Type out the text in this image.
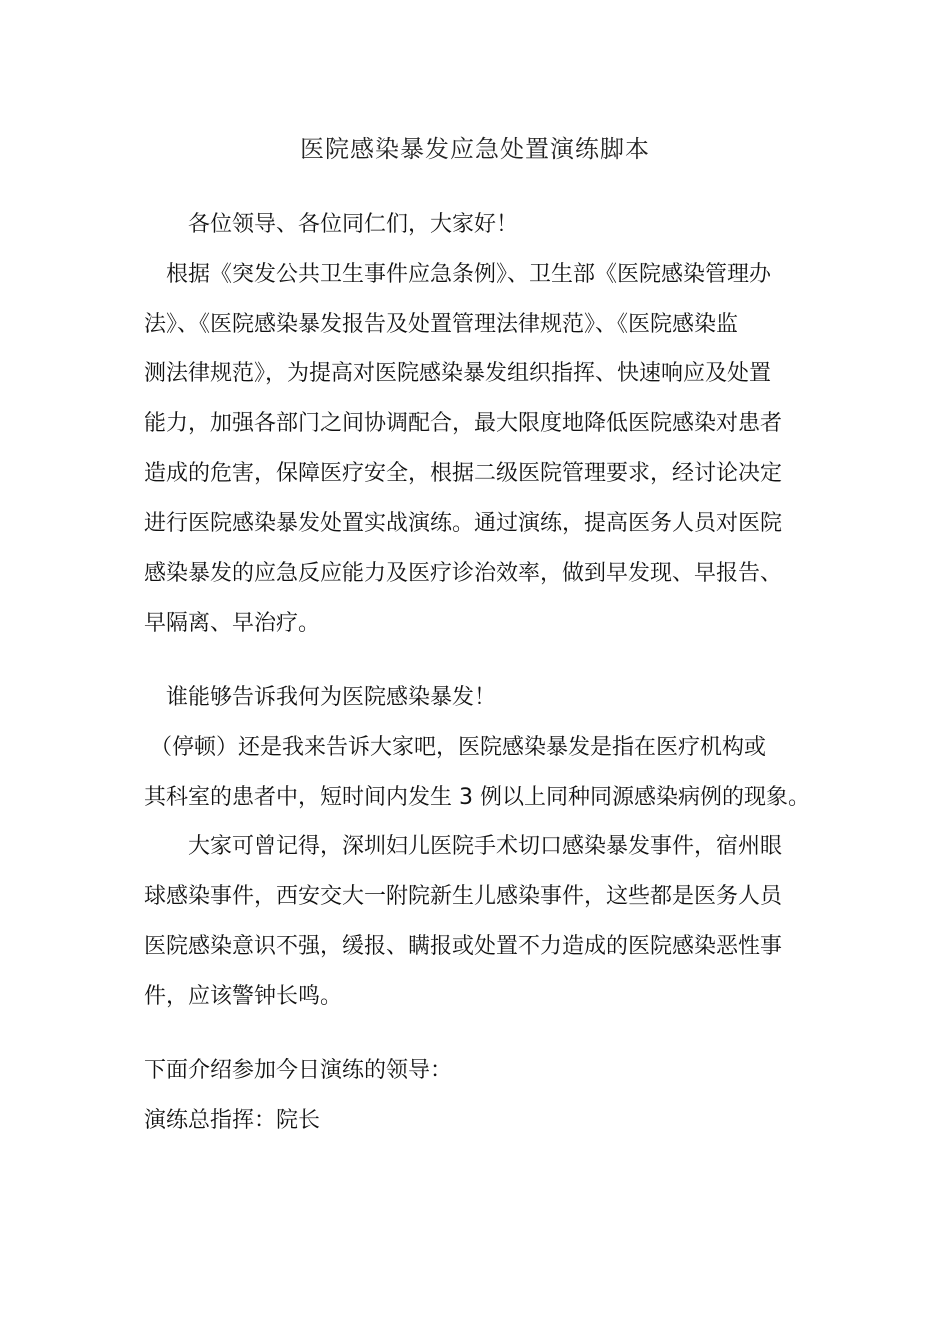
医院感染暴发应急处置演练脚本
各位领导、各位同仁们，大家好！
根据《突发公共卫生事件应急条例》、卫生部《医院感染管理办
法》、《医院感染暴发报告及处置管理法律规范》、《医院感染监
测法律规范》，为提高对医院感染暴发组织指挥、快速响应及处置
能力，加强各部门之间协调配合，最大限度地降低医院感染对患者
造成的危害，保障医疗安全，根据二级医院管理要求，经讨论决定
进行医院感染暴发处置实战演练。通过演练，提高医务人员对医院
感染暴发的应急反应能力及医疗诊治效率，做到早发现、早报告、
早隔离、早治疗。
谁能够告诉我何为医院感染暴发！
（停顿）还是我来告诉大家吧，医院感染暴发是指在医疗机构或
其科室的患者中，短时间内发生 3 例以上同种同源感染病例的现象。
大家可曾记得，深圳妇儿医院手术切口感染暴发事件，宿州眼
球感染事件，西安交大一附院新生儿感染事件，这些都是医务人员
医院感染意识不强，缓报、瞒报或处置不力造成的医院感染恶性事
件，应该警钟长鸣。
下面介绍参加今日演练的领导：
演练总指挥：院长
